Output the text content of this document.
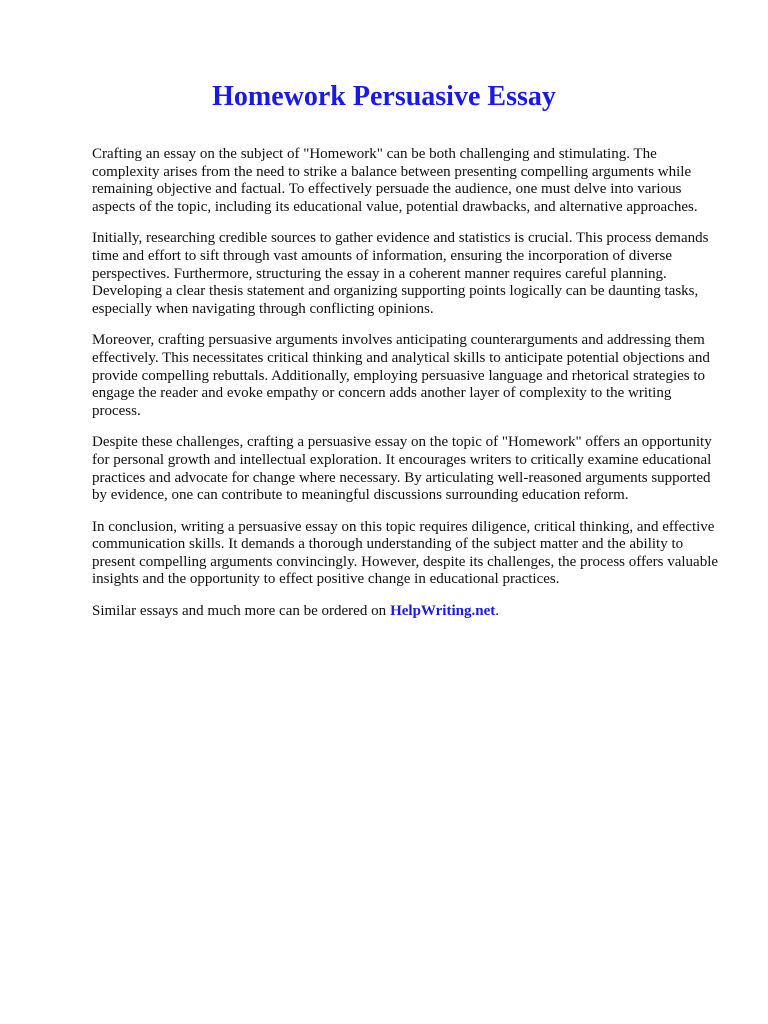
Homework Persuasive Essay

Crafting an essay on the subject of "Homework" can be both challenging and stimulating. The complexity arises from the need to strike a balance between presenting compelling arguments while remaining objective and factual. To effectively persuade the audience, one must delve into various aspects of the topic, including its educational value, potential drawbacks, and alternative approaches.

Initially, researching credible sources to gather evidence and statistics is crucial. This process demands time and effort to sift through vast amounts of information, ensuring the incorporation of diverse perspectives. Furthermore, structuring the essay in a coherent manner requires careful planning. Developing a clear thesis statement and organizing supporting points logically can be daunting tasks, especially when navigating through conflicting opinions.

Moreover, crafting persuasive arguments involves anticipating counterarguments and addressing them effectively. This necessitates critical thinking and analytical skills to anticipate potential objections and provide compelling rebuttals. Additionally, employing persuasive language and rhetorical strategies to engage the reader and evoke empathy or concern adds another layer of complexity to the writing process.

Despite these challenges, crafting a persuasive essay on the topic of "Homework" offers an opportunity for personal growth and intellectual exploration. It encourages writers to critically examine educational practices and advocate for change where necessary. By articulating well-reasoned arguments supported by evidence, one can contribute to meaningful discussions surrounding education reform.

In conclusion, writing a persuasive essay on this topic requires diligence, critical thinking, and effective communication skills. It demands a thorough understanding of the subject matter and the ability to present compelling arguments convincingly. However, despite its challenges, the process offers valuable insights and the opportunity to effect positive change in educational practices.

Similar essays and much more can be ordered on HelpWriting.net.
